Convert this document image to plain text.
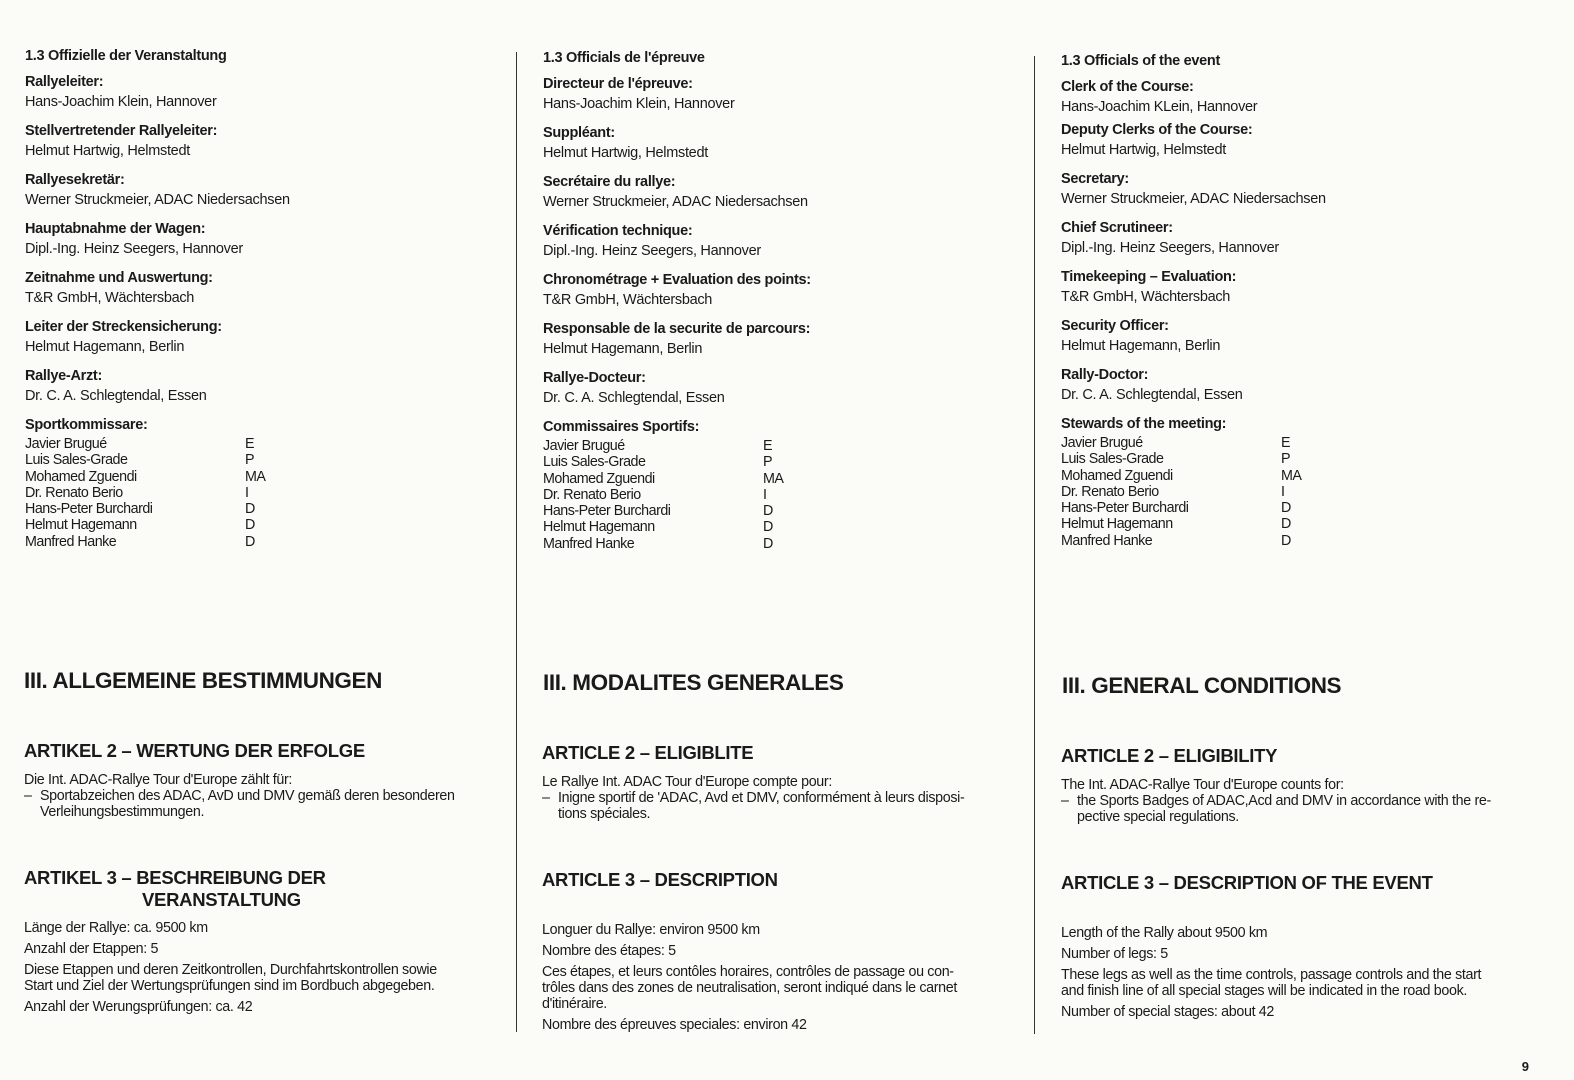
1.3 Offizielle der Veranstaltung
Rallyeleiter:
Hans-Joachim Klein, Hannover
Stellvertretender Rallyeleiter:
Helmut Hartwig, Helmstedt
Rallyesekretär:
Werner Struckmeier, ADAC Niedersachsen
Hauptabnahme der Wagen:
Dipl.-Ing. Heinz Seegers, Hannover
Zeitnahme und Auswertung:
T&R GmbH, Wächtersbach
Leiter der Streckensicherung:
Helmut Hagemann, Berlin
Rallye-Arzt:
Dr. C. A. Schlegtendal, Essen
Sportkommissare:
Javier Brugué	E
Luis Sales-Grade	P
Mohamed Zguendi	MA
Dr. Renato Berio	I
Hans-Peter Burchardi	D
Helmut Hagemann	D
Manfred Hanke	D
III. ALLGEMEINE BESTIMMUNGEN
ARTIKEL 2 – WERTUNG DER ERFOLGE
Die Int. ADAC-Rallye Tour d'Europe zählt für:
– Sportabzeichen des ADAC, AvD und DMV gemäß deren besonderen
Verleihungsbestimmungen.
ARTIKEL 3 – BESCHREIBUNG DER
VERANSTALTUNG

Länge der Rallye: ca. 9500 km

Anzahl der Etappen: 5

Diese Etappen und deren Zeitkontrollen, Durchfahrtskontrollen sowie
Start und Ziel der Wertungsprüfungen sind im Bordbuch abgegeben.

Anzahl der Werungsprüfungen: ca. 42

1.3 Officials de l'épreuve
Directeur de l'épreuve:
Hans-Joachim Klein, Hannover
Suppléant:
Helmut Hartwig, Helmstedt
Secrétaire du rallye:
Werner Struckmeier, ADAC Niedersachsen
Vérification technique:
Dipl.-Ing. Heinz Seegers, Hannover
Chronométrage + Evaluation des points:
T&R GmbH, Wächtersbach
Responsable de la securite de parcours:
Helmut Hagemann, Berlin
Rallye-Docteur:
Dr. C. A. Schlegtendal, Essen
Commissaires Sportifs:
Javier Brugué	E
Luis Sales-Grade	P
Mohamed Zguendi	MA
Dr. Renato Berio	I
Hans-Peter Burchardi	D
Helmut Hagemann	D
Manfred Hanke	D
III. MODALITES GENERALES
ARTICLE 2 – ELIGIBLITE
Le Rallye Int. ADAC Tour d'Europe compte pour:
– Inigne sportif de 'ADAC, Avd et DMV, conformément à leurs disposi-
tions spéciales.
ARTICLE 3 – DESCRIPTION

Longuer du Rallye: environ 9500 km

Nombre des étapes: 5

Ces étapes, et leurs contôles horaires, contrôles de passage ou con-
trôles dans des zones de neutralisation, seront indiqué dans le carnet
d'itinéraire.

Nombre des épreuves speciales: environ 42

1.3 Officials of the event
Clerk of the Course:
Hans-Joachim KLein, Hannover
Deputy Clerks of the Course:
Helmut Hartwig, Helmstedt
Secretary:
Werner Struckmeier, ADAC Niedersachsen
Chief Scrutineer:
Dipl.-Ing. Heinz Seegers, Hannover
Timekeeping – Evaluation:
T&R GmbH, Wächtersbach
Security Officer:
Helmut Hagemann, Berlin
Rally-Doctor:
Dr. C. A. Schlegtendal, Essen
Stewards of the meeting:
Javier Brugué	E
Luis Sales-Grade	P
Mohamed Zguendi	MA
Dr. Renato Berio	I
Hans-Peter Burchardi	D
Helmut Hagemann	D
Manfred Hanke	D
III. GENERAL CONDITIONS
ARTICLE 2 – ELIGIBILITY
The Int. ADAC-Rallye Tour d'Europe counts for:
– the Sports Badges of ADAC,Acd and DMV in accordance with the re-
pective special regulations.
ARTICLE 3 – DESCRIPTION OF THE EVENT

Length of the Rally about 9500 km

Number of legs: 5

These legs as well as the time controls, passage controls and the start
and finish line of all special stages will be indicated in the road book.

Number of special stages: about 42

9
